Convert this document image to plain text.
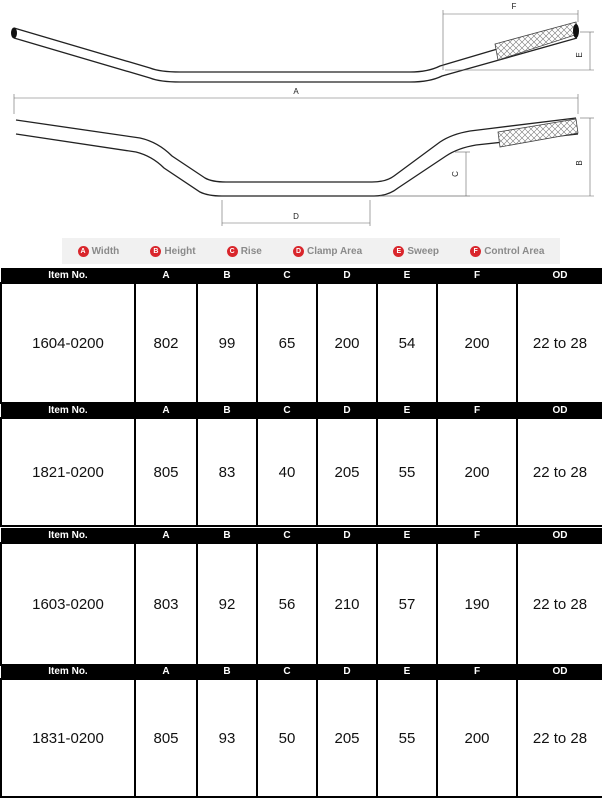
F
E
A
B
C
D
A Width	B Height	C Rise	D Clamp Area	E Sweep	F Control Area
Item No.	A	B	C	D	E	F	OD
1604-0200	802	99	65	200	54	200	22 to 28
Item No.	A	B	C	D	E	F	OD
1821-0200	805	83	40	205	55	200	22 to 28
Item No.	A	B	C	D	E	F	OD
1603-0200	803	92	56	210	57	190	22 to 28
Item No.	A	B	C	D	E	F	OD
1831-0200	805	93	50	205	55	200	22 to 28
